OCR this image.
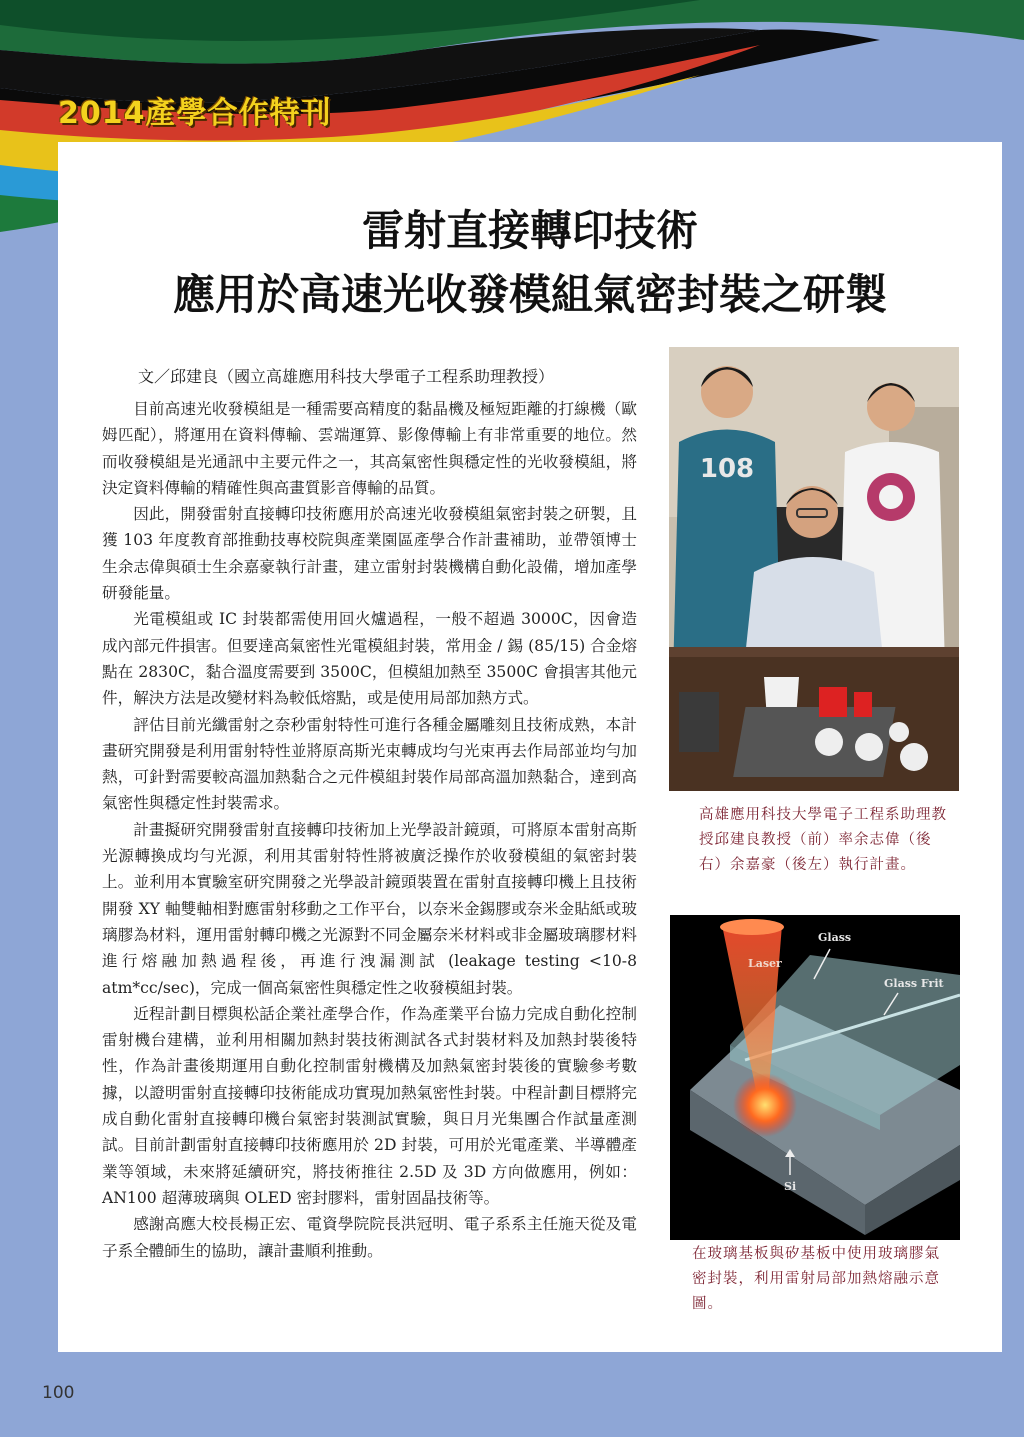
2014產學合作特刊
雷射直接轉印技術
應用於高速光收發模組氣密封裝之研製
文／邱建良（國立高雄應用科技大學電子工程系助理教授）

目前高速光收發模組是一種需要高精度的黏晶機及極短距離的打線機（歐姆匹配），將運用在資料傳輸、雲端運算、影像傳輸上有非常重要的地位。然而收發模組是光通訊中主要元件之一，其高氣密性與穩定性的光收發模組，將決定資料傳輸的精確性與高畫質影音傳輸的品質。

因此，開發雷射直接轉印技術應用於高速光收發模組氣密封裝之研製，且獲 103 年度教育部推動技專校院與產業園區產學合作計畫補助，並帶領博士生余志偉與碩士生余嘉豪執行計畫，建立雷射封裝機構自動化設備，增加產學研發能量。

光電模組或 IC 封裝都需使用回火爐過程，一般不超過 3000C，因會造成內部元件損害。但要達高氣密性光電模組封裝，常用金 / 錫 (85/15) 合金熔點在 2830C，黏合溫度需要到 3500C，但模組加熱至 3500C 會損害其他元件，解決方法是改變材料為較低熔點，或是使用局部加熱方式。

評估目前光纖雷射之奈秒雷射特性可進行各種金屬雕刻且技術成熟，本計畫研究開發是利用雷射特性並將原高斯光束轉成均勻光束再去作局部並均勻加熱，可針對需要較高溫加熱黏合之元件模組封裝作局部高溫加熱黏合，達到高氣密性與穩定性封裝需求。

計畫擬研究開發雷射直接轉印技術加上光學設計鏡頭，可將原本雷射高斯光源轉換成均勻光源，利用其雷射特性將被廣泛操作於收發模組的氣密封裝上。並利用本實驗室研究開發之光學設計鏡頭裝置在雷射直接轉印機上且技術開發 XY 軸雙軸相對應雷射移動之工作平台，以奈米金錫膠或奈米金貼紙或玻璃膠為材料，運用雷射轉印機之光源對不同金屬奈米材料或非金屬玻璃膠材料進行熔融加熱過程後，再進行洩漏測試 (leakage testing <10-8 atm*cc/sec)，完成一個高氣密性與穩定性之收發模組封裝。

近程計劃目標與松話企業社產學合作，作為產業平台協力完成自動化控制雷射機台建構，並利用相關加熱封裝技術測試各式封裝材料及加熱封裝後特性，作為計畫後期運用自動化控制雷射機構及加熱氣密封裝後的實驗參考數據，以證明雷射直接轉印技術能成功實現加熱氣密性封裝。中程計劃目標將完成自動化雷射直接轉印機台氣密封裝測試實驗，與日月光集團合作試量產測試。目前計劃雷射直接轉印技術應用於 2D 封裝，可用於光電產業、半導體產業等領域，未來將延續研究，將技術推往 2.5D 及 3D 方向做應用，例如：AN100 超薄玻璃與 OLED 密封膠料，雷射固晶技術等。

感謝高應大校長楊正宏、電資學院院長洪冠明、電子系系主任施天從及電子系全體師生的協助，讓計畫順利推動。

108
高雄應用科技大學電子工程系助理教授邱建良教授（前）率余志偉（後右）余嘉豪（後左）執行計畫。
Glass
Laser
Glass Frit
Si
在玻璃基板與矽基板中使用玻璃膠氣密封裝，利用雷射局部加熱熔融示意圖。
100
